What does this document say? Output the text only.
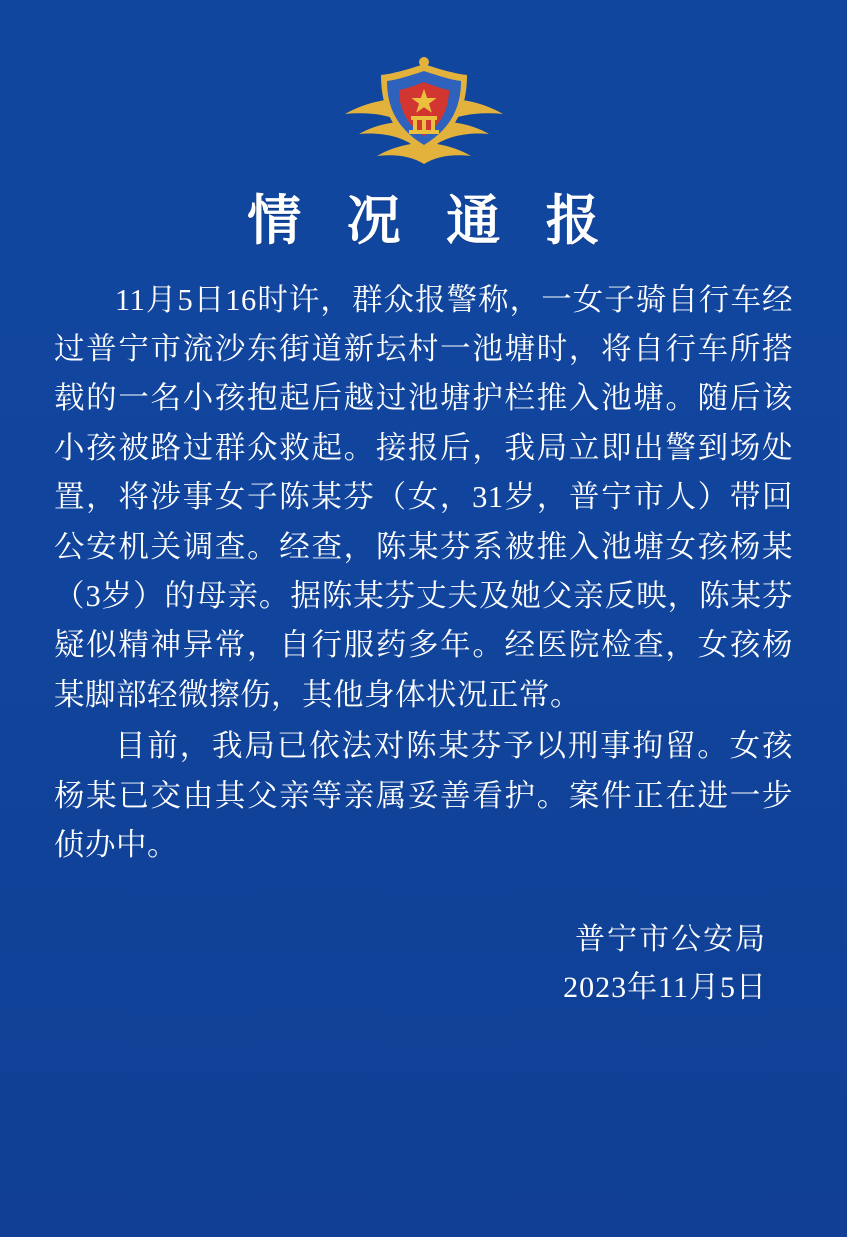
情 况 通 报

11月5日16时许，群众报警称，一女子骑自行车经过普宁市流沙东街道新坛村一池塘时，将自行车所搭载的一名小孩抱起后越过池塘护栏推入池塘。随后该小孩被路过群众救起。接报后，我局立即出警到场处置，将涉事女子陈某芬（女，31岁，普宁市人）带回公安机关调查。经查，陈某芬系被推入池塘女孩杨某（3岁）的母亲。据陈某芬丈夫及她父亲反映，陈某芬疑似精神异常，自行服药多年。经医院检查，女孩杨某脚部轻微擦伤，其他身体状况正常。

目前，我局已依法对陈某芬予以刑事拘留。女孩杨某已交由其父亲等亲属妥善看护。案件正在进一步侦办中。

普宁市公安局
2023年11月5日
